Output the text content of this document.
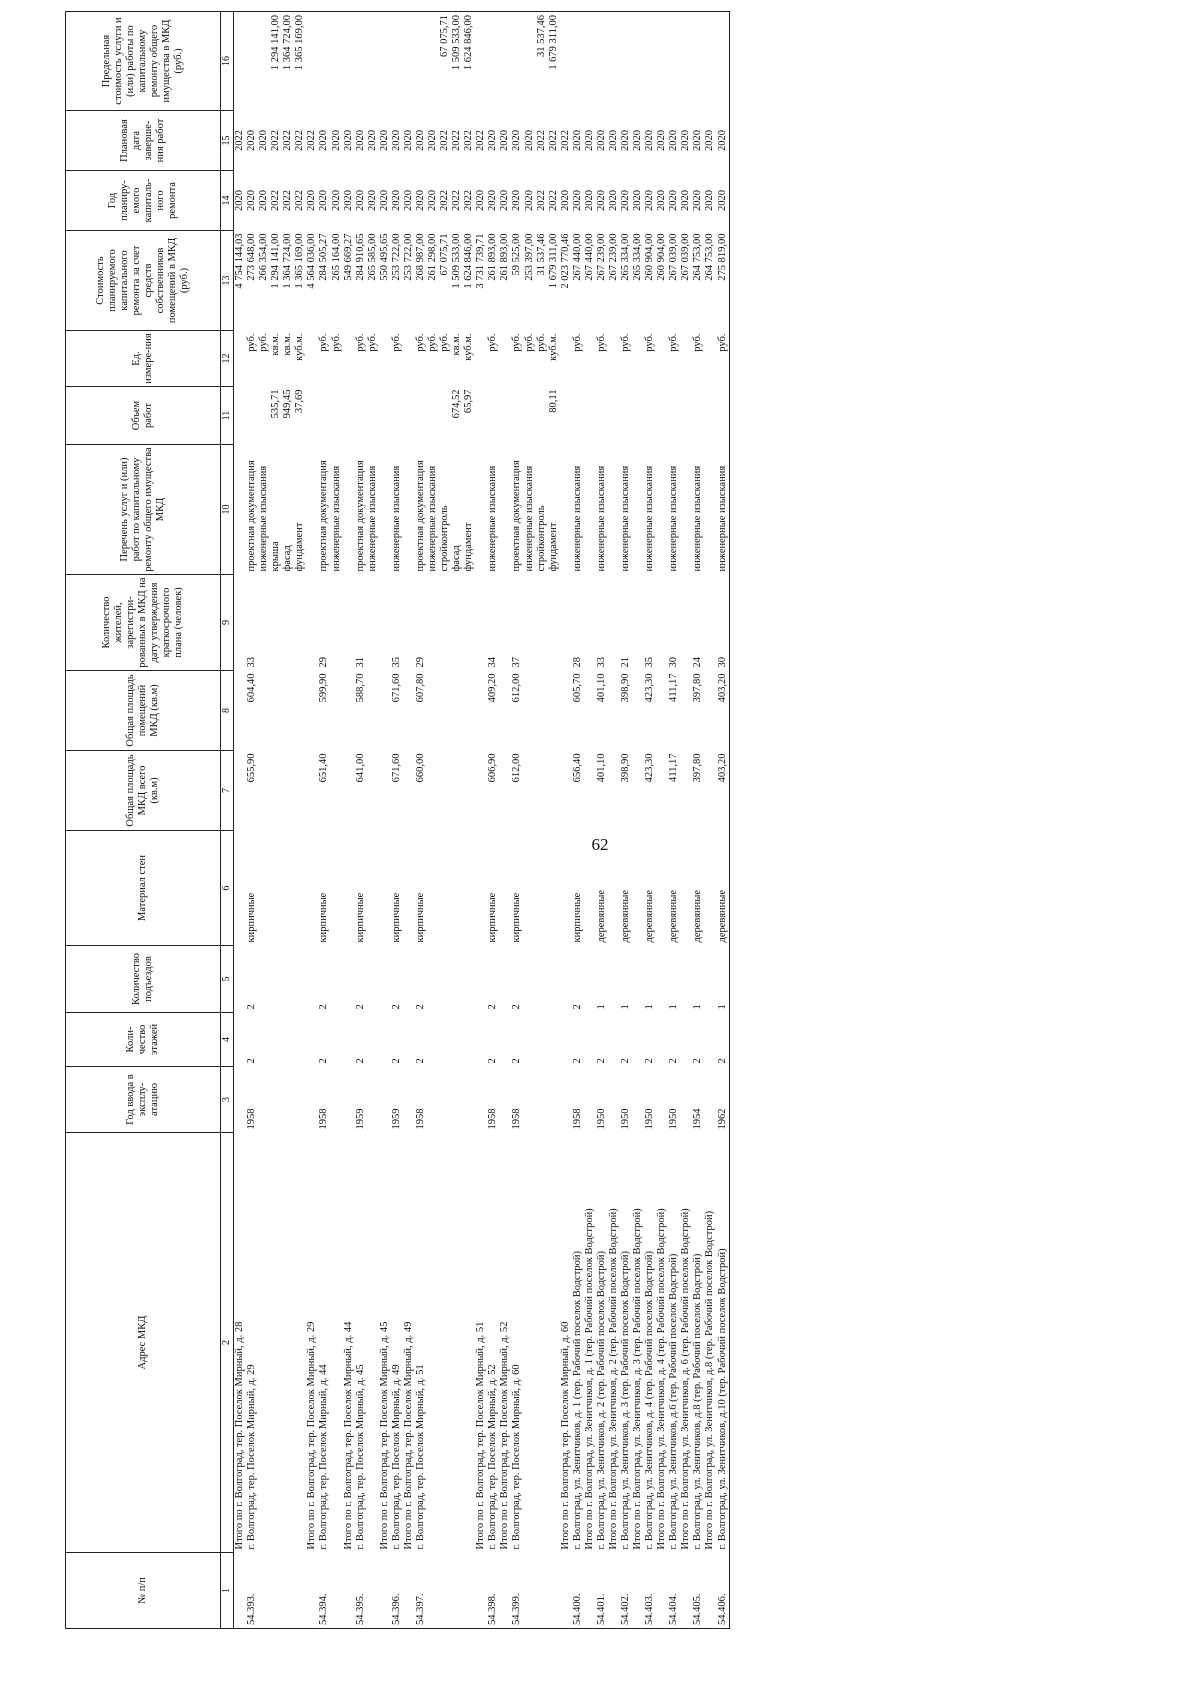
62
№ п/п	Адрес МКД	Год ввода в эксплу-атацию	Коли-чество этажей	Количество подъездов	Материал стен	Общая площадь МКД всего (кв.м)	Общая площадь помещений МКД (кв.м)	Количество жителей, зарегистри-рованных в МКД на дату утверждения краткосрочного плана (человек)	Перечень услуг и (или) работ по капитальному ремонту общего имущества МКД	Объем работ	Ед. измере-ния	Стоимость планируемого капитального ремонта за счет средств собственников помещений в МКД (руб.)	Год планиру-емого капиталь-ного ремонта	Плановая дата заверше-ния работ	Предельная стоимость услуги и (или) работы по капитальному ремонту общего имущества в МКД (руб.)
1	2	3	4	5	6	7	8	9	10	11	12	13	14	15	16
	Итого по г. Волгоград, тер. Поселок Мирный, д. 28											4 754 144,03	2020	2022	
54.393.	г. Волгоград, тер. Поселок Мирный, д. 29	1958	2	2	кирпичные	655,90	604,40	33	проектная документация		руб.	273 648,00	2020	2020	
									инженерные изыскания		руб.	266 354,00	2020	2020	
									крыша	535,71	кв.м.	1 294 141,00	2022	2022	1 294 141,00
									фасад	949,45	кв.м.	1 364 724,00	2022	2022	1 364 724,00
									фундамент	37,69	куб.м.	1 365 169,00	2022	2022	1 365 169,00
	Итого по г. Волгоград, тер. Поселок Мирный, д. 29											4 564 036,00	2020	2022	
54.394.	г. Волгоград, тер. Поселок Мирный, д. 44	1958	2	2	кирпичные	651,40	599,90	29	проектная документация		руб.	284 505,27	2020	2020	
									инженерные изыскания		руб.	265 164,00	2020	2020	
	Итого по г. Волгоград, тер. Поселок Мирный, д. 44											549 669,27	2020	2020	
54.395.	г. Волгоград, тер. Поселок Мирный, д. 45	1959	2	2	кирпичные	641,00	588,70	31	проектная документация		руб.	284 910,65	2020	2020	
									инженерные изыскания		руб.	265 585,00	2020	2020	
	Итого по г. Волгоград, тер. Поселок Мирный, д. 45											550 495,65	2020	2020	
54.396.	г. Волгоград, тер. Поселок Мирный, д. 49	1959	2	2	кирпичные	671,60	671,60	35	инженерные изыскания		руб.	253 722,00	2020	2020	
	Итого по г. Волгоград, тер. Поселок Мирный, д. 49											253 722,00	2020	2020	
54.397.	г. Волгоград, тер. Поселок Мирный, д. 51	1958	2	2	кирпичные	660,00	607,80	29	проектная документация		руб.	268 987,00	2020	2020	
									инженерные изыскания		руб.	261 298,00	2020	2020	
									стройконтроль		руб.	67 075,71	2022	2022	67 075,71
									фасад	674,52	кв.м.	1 509 533,00	2022	2022	1 509 533,00
									фундамент	65,97	куб.м.	1 624 846,00	2022	2022	1 624 846,00
	Итого по г. Волгоград, тер. Поселок Мирный, д. 51											3 731 739,71	2020	2022	
54.398.	г. Волгоград, тер. Поселок Мирный, д. 52	1958	2	2	кирпичные	606,90	409,20	34	инженерные изыскания		руб.	261 893,00	2020	2020	
	Итого по г. Волгоград, тер. Поселок Мирный, д. 52											261 893,00	2020	2020	
54.399.	г. Волгоград, тер. Поселок Мирный, д. 60	1958	2	2	кирпичные	612,00	612,00	37	проектная документация		руб.	59 525,00	2020	2020	
									инженерные изыскания		руб.	253 397,00	2020	2020	
									стройконтроль		руб.	31 537,46	2022	2022	31 537,46
									фундамент	80,11	куб.м.	1 679 311,00	2022	2022	1 679 311,00
	Итого по г. Волгоград, тер. Поселок Мирный, д. 60											2 023 770,46	2020	2022	
54.400.	г. Волгоград, ул. Зенитчиков, д. 1 (тер. Рабочий поселок Водстрой)	1958	2	2	кирпичные	656,40	605,70	28	инженерные изыскания		руб.	267 440,00	2020	2020	
	Итого по г. Волгоград, ул. Зенитчиков, д. 1 (тер. Рабочий поселок Водстрой)											267 440,00	2020	2020	
54.401.	г. Волгоград, ул. Зенитчиков, д. 2 (тер. Рабочий поселок Водстрой)	1950	2	1	деревянные	401,10	401,10	33	инженерные изыскания		руб.	267 239,00	2020	2020	
	Итого по г. Волгоград, ул. Зенитчиков, д. 2 (тер. Рабочий поселок Водстрой)											267 239,00	2020	2020	
54.402.	г. Волгоград, ул. Зенитчиков, д. 3 (тер. Рабочий поселок Водстрой)	1950	2	1	деревянные	398,90	398,90	21	инженерные изыскания		руб.	265 334,00	2020	2020	
	Итого по г. Волгоград, ул. Зенитчиков, д. 3 (тер. Рабочий поселок Водстрой)											265 334,00	2020	2020	
54.403.	г. Волгоград, ул. Зенитчиков, д. 4 (тер. Рабочий поселок Водстрой)	1950	2	1	деревянные	423,30	423,30	35	инженерные изыскания		руб.	260 904,00	2020	2020	
	Итого по г. Волгоград, ул. Зенитчиков, д. 4 (тер. Рабочий поселок Водстрой)											260 904,00	2020	2020	
54.404.	г. Волгоград, ул. Зенитчиков, д.6 (тер. Рабочий поселок Водстрой)	1950	2	1	деревянные	411,17	411,17	30	инженерные изыскания		руб.	267 039,00	2020	2020	
	Итого по г. Волгоград, ул. Зенитчиков, д. 6 (тер. Рабочий поселок Водстрой)											267 039,00	2020	2020	
54.405.	г. Волгоград, ул. Зенитчиков, д.8 (тер. Рабочий поселок Водстрой)	1954	2	1	деревянные	397,80	397,80	24	инженерные изыскания		руб.	264 753,00	2020	2020	
	Итого по г. Волгоград, ул. Зенитчиков, д.8 (тер. Рабочий поселок Водстрой)											264 753,00	2020	2020	
54.406.	г. Волгоград, ул. Зенитчиков, д.10 (тер. Рабочий поселок Водстрой)	1962	2	1	деревянные	403,20	403,20	30	инженерные изыскания		руб.	275 819,00	2020	2020	
